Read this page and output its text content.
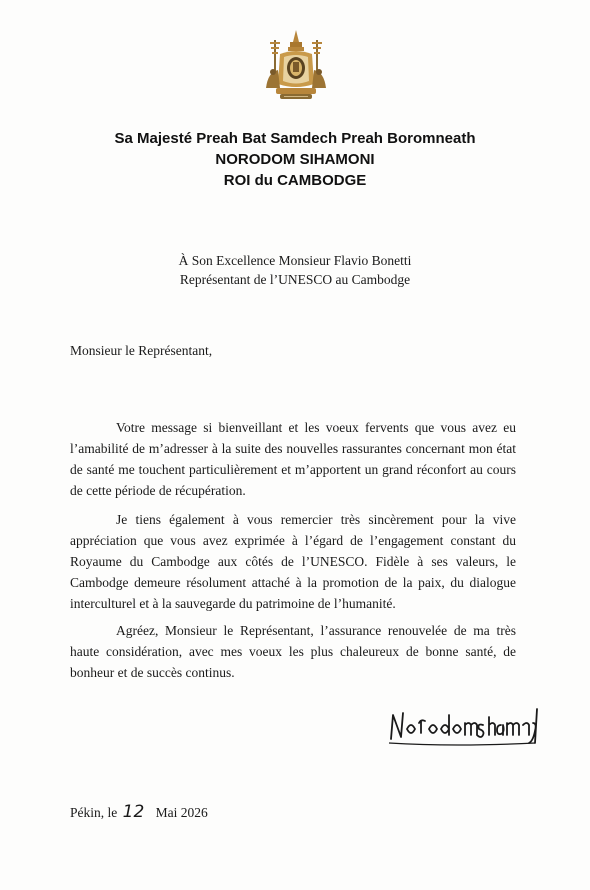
Sa Majesté Preah Bat Samdech Preah Boromneath
NORODOM SIHAMONI
ROI du CAMBODGE
À Son Excellence Monsieur Flavio Bonetti
Représentant de l’UNESCO au Cambodge
Monsieur le Représentant,

Votre message si bienveillant et les voeux fervents que vous avez eu l’amabilité de m’adresser à la suite des nouvelles rassurantes concernant mon état de santé me touchent particulièrement et m’apportent un grand réconfort au cours de cette période de récupération.

Je tiens également à vous remercier très sincèrement pour la vive appréciation que vous avez exprimée à l’égard de l’engagement constant du Royaume du Cambodge aux côtés de l’UNESCO. Fidèle à ses valeurs, le Cambodge demeure résolument attaché à la promotion de la paix, du dialogue interculturel et à la sauvegarde du patrimoine de l’humanité.

Agréez, Monsieur le Représentant, l’assurance renouvelée de ma très haute considération, avec mes voeux les plus chaleureux de bonne santé, de bonheur et de succès continus.

Pékin, le 12 Mai 2026
